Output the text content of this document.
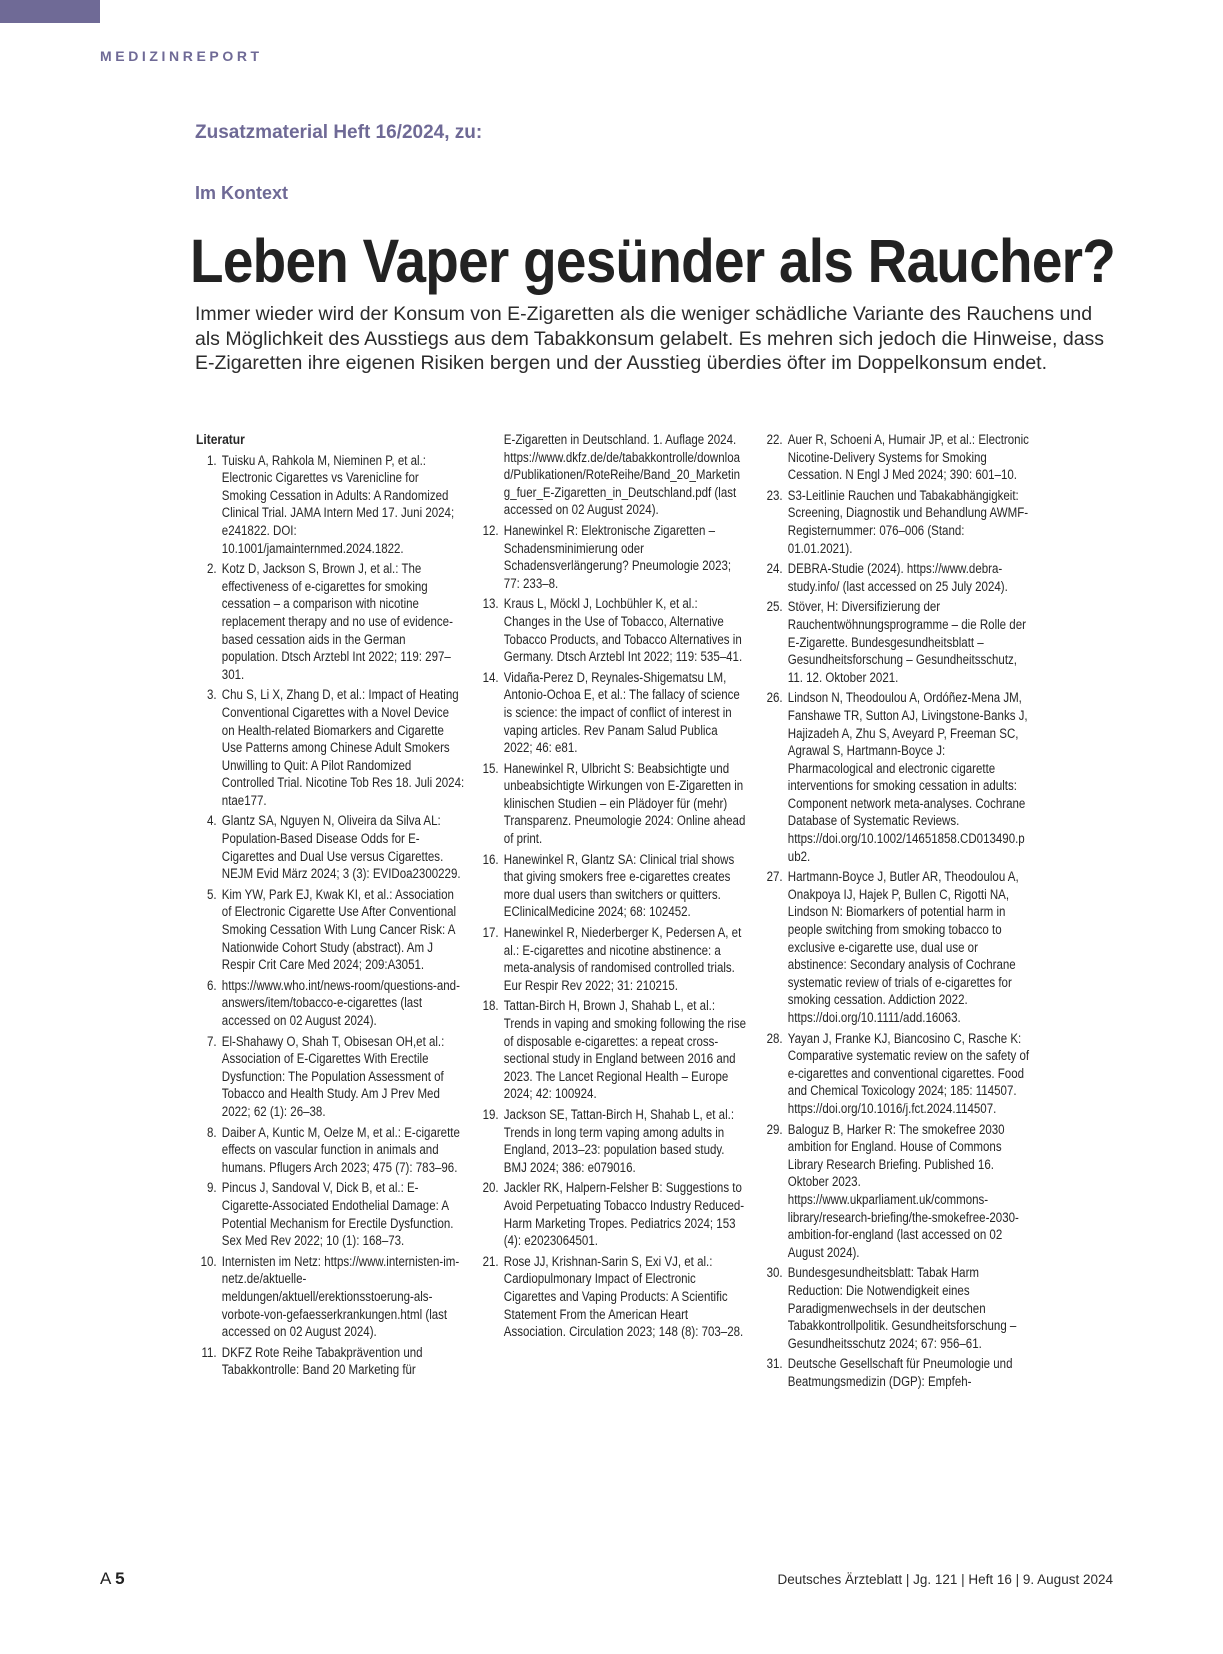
MEDIZINREPORT
Zusatzmaterial Heft 16/2024, zu:
Im Kontext
Leben Vaper gesünder als Raucher?

Immer wieder wird der Konsum von E-Zigaretten als die weniger schädliche Variante des Rauchens und als Möglichkeit des Ausstiegs aus dem Tabakkonsum gelabelt. Es mehren sich jedoch die Hinweise, dass E-Zigaretten ihre eigenen Risiken bergen und der Ausstieg überdies öfter im Doppelkonsum endet.

Literatur
1. Tuisku A, Rahkola M, Nieminen P, et al.: Electronic Cigarettes vs Varenicline for Smoking Cessation in Adults: A Randomized Clinical Trial. JAMA Intern Med 17. Juni 2024; e241822. DOI: 10.1001/jamainternmed.2024.1822.
2. Kotz D, Jackson S, Brown J, et al.: The effectiveness of e-cigarettes for smoking cessation – a comparison with nicotine replacement therapy and no use of evidence-based cessation aids in the German population. Dtsch Arztebl Int 2022; 119: 297–301.
3. Chu S, Li X, Zhang D, et al.: Impact of Heating Conventional Cigarettes with a Novel Device on Health-related Biomarkers and Cigarette Use Patterns among Chinese Adult Smokers Unwilling to Quit: A Pilot Randomized Controlled Trial. Nicotine Tob Res 18. Juli 2024: ntae177.
4. Glantz SA, Nguyen N, Oliveira da Silva AL: Population-Based Disease Odds for E-Cigarettes and Dual Use versus Cigarettes. NEJM Evid März 2024; 3 (3): EVIDoa2300229.
5. Kim YW, Park EJ, Kwak KI, et al.: Association of Electronic Cigarette Use After Conventional Smoking Cessation With Lung Cancer Risk: A Nationwide Cohort Study (abstract). Am J Respir Crit Care Med 2024; 209:A3051.
6. https://www.who.int/news-room/questions-and-answers/item/tobacco-e-cigarettes (last accessed on 02 August 2024).
7. El-Shahawy O, Shah T, Obisesan OH,et al.: Association of E-Cigarettes With Erectile Dysfunction: The Population Assessment of Tobacco and Health Study. Am J Prev Med 2022; 62 (1): 26–38.
8. Daiber A, Kuntic M, Oelze M, et al.: E-cigarette effects on vascular function in animals and humans. Pflugers Arch 2023; 475 (7): 783–96.
9. Pincus J, Sandoval V, Dick B, et al.: E-Cigarette-Associated Endothelial Damage: A Potential Mechanism for Erectile Dysfunction. Sex Med Rev 2022; 10 (1): 168–73.
10. Internisten im Netz: https://www.internisten-im-netz.de/aktuelle-meldungen/aktuell/erektionsstoerung-als-vorbote-von-gefaesserkrankungen.html (last accessed on 02 August 2024).
11. DKFZ Rote Reihe Tabakprävention und Tabakkontrolle: Band 20 Marketing für
E-Zigaretten in Deutschland. 1. Auflage 2024. https://www.dkfz.de/de/tabakkontrolle/download/Publikationen/RoteReihe/Band_20_Marketing_fuer_E-Zigaretten_in_Deutschland.pdf (last accessed on 02 August 2024).
12. Hanewinkel R: Elektronische Zigaretten – Schadensminimierung oder Schadensverlängerung? Pneumologie 2023; 77: 233–8.
13. Kraus L, Möckl J, Lochbühler K, et al.: Changes in the Use of Tobacco, Alternative Tobacco Products, and Tobacco Alternatives in Germany. Dtsch Arztebl Int 2022; 119: 535–41.
14. Vidaña-Perez D, Reynales-Shigematsu LM, Antonio-Ochoa E, et al.: The fallacy of science is science: the impact of conflict of interest in vaping articles. Rev Panam Salud Publica 2022; 46: e81.
15. Hanewinkel R, Ulbricht S: Beabsichtigte und unbeabsichtigte Wirkungen von E-Zigaretten in klinischen Studien – ein Plädoyer für (mehr) Transparenz. Pneumologie 2024: Online ahead of print.
16. Hanewinkel R, Glantz SA: Clinical trial shows that giving smokers free e-cigarettes creates more dual users than switchers or quitters. EClinicalMedicine 2024; 68: 102452.
17. Hanewinkel R, Niederberger K, Pedersen A, et al.: E-cigarettes and nicotine abstinence: a meta-analysis of randomised controlled trials. Eur Respir Rev 2022; 31: 210215.
18. Tattan-Birch H, Brown J, Shahab L, et al.: Trends in vaping and smoking following the rise of disposable e-cigarettes: a repeat cross-sectional study in England between 2016 and 2023. The Lancet Regional Health – Europe 2024; 42: 100924.
19. Jackson SE, Tattan-Birch H, Shahab L, et al.: Trends in long term vaping among adults in England, 2013–23: population based study. BMJ 2024; 386: e079016.
20. Jackler RK, Halpern-Felsher B: Suggestions to Avoid Perpetuating Tobacco Industry Reduced-Harm Marketing Tropes. Pediatrics 2024; 153 (4): e2023064501.
21. Rose JJ, Krishnan-Sarin S, Exi VJ, et al.: Cardiopulmonary Impact of Electronic Cigarettes and Vaping Products: A Scientific Statement From the American Heart Association. Circulation 2023; 148 (8): 703–28.
22. Auer R, Schoeni A, Humair JP, et al.: Electronic Nicotine-Delivery Systems for Smoking Cessation. N Engl J Med 2024; 390: 601–10.
23. S3-Leitlinie Rauchen und Tabakabhängigkeit: Screening, Diagnostik und Behandlung AWMF-Registernummer: 076–006 (Stand: 01.01.2021).
24. DEBRA-Studie (2024). https://www.debra-study.info/ (last accessed on 25 July 2024).
25. Stöver, H: Diversifizierung der Rauchentwöhnungsprogramme – die Rolle der E-Zigarette. Bundesgesundheitsblatt – Gesundheitsforschung – Gesundheitsschutz, 11. 12. Oktober 2021.
26. Lindson N, Theodoulou A, Ordóñez-Mena JM, Fanshawe TR, Sutton AJ, Livingstone-Banks J, Hajizadeh A, Zhu S, Aveyard P, Freeman SC, Agrawal S, Hartmann-Boyce J: Pharmacological and electronic cigarette interventions for smoking cessation in adults: Component network meta-analyses. Cochrane Database of Systematic Reviews. https://doi.org/10.1002/14651858.CD013490.pub2.
27. Hartmann-Boyce J, Butler AR, Theodoulou A, Onakpoya IJ, Hajek P, Bullen C, Rigotti NA, Lindson N: Biomarkers of potential harm in people switching from smoking tobacco to exclusive e-cigarette use, dual use or abstinence: Secondary analysis of Cochrane systematic review of trials of e-cigarettes for smoking cessation. Addiction 2022. https://doi.org/10.1111/add.16063.
28. Yayan J, Franke KJ, Biancosino C, Rasche K: Comparative systematic review on the safety of e-cigarettes and conventional cigarettes. Food and Chemical Toxicology 2024; 185: 114507. https://doi.org/10.1016/j.fct.2024.114507.
29. Baloguz B, Harker R: The smokefree 2030 ambition for England. House of Commons Library Research Briefing. Published 16. Oktober 2023. https://www.ukparliament.uk/commons-library/research-briefing/the-smokefree-2030-ambition-for-england (last accessed on 02 August 2024).
30. Bundesgesundheitsblatt: Tabak Harm Reduction: Die Notwendigkeit eines Paradigmenwechsels in der deutschen Tabakkontrollpolitik. Gesundheitsforschung – Gesundheitsschutz 2024; 67: 956–61.
31. Deutsche Gesellschaft für Pneumologie und Beatmungsmedizin (DGP): Empfeh-
A 5	Deutsches Ärzteblatt | Jg. 121 | Heft 16 | 9. August 2024
